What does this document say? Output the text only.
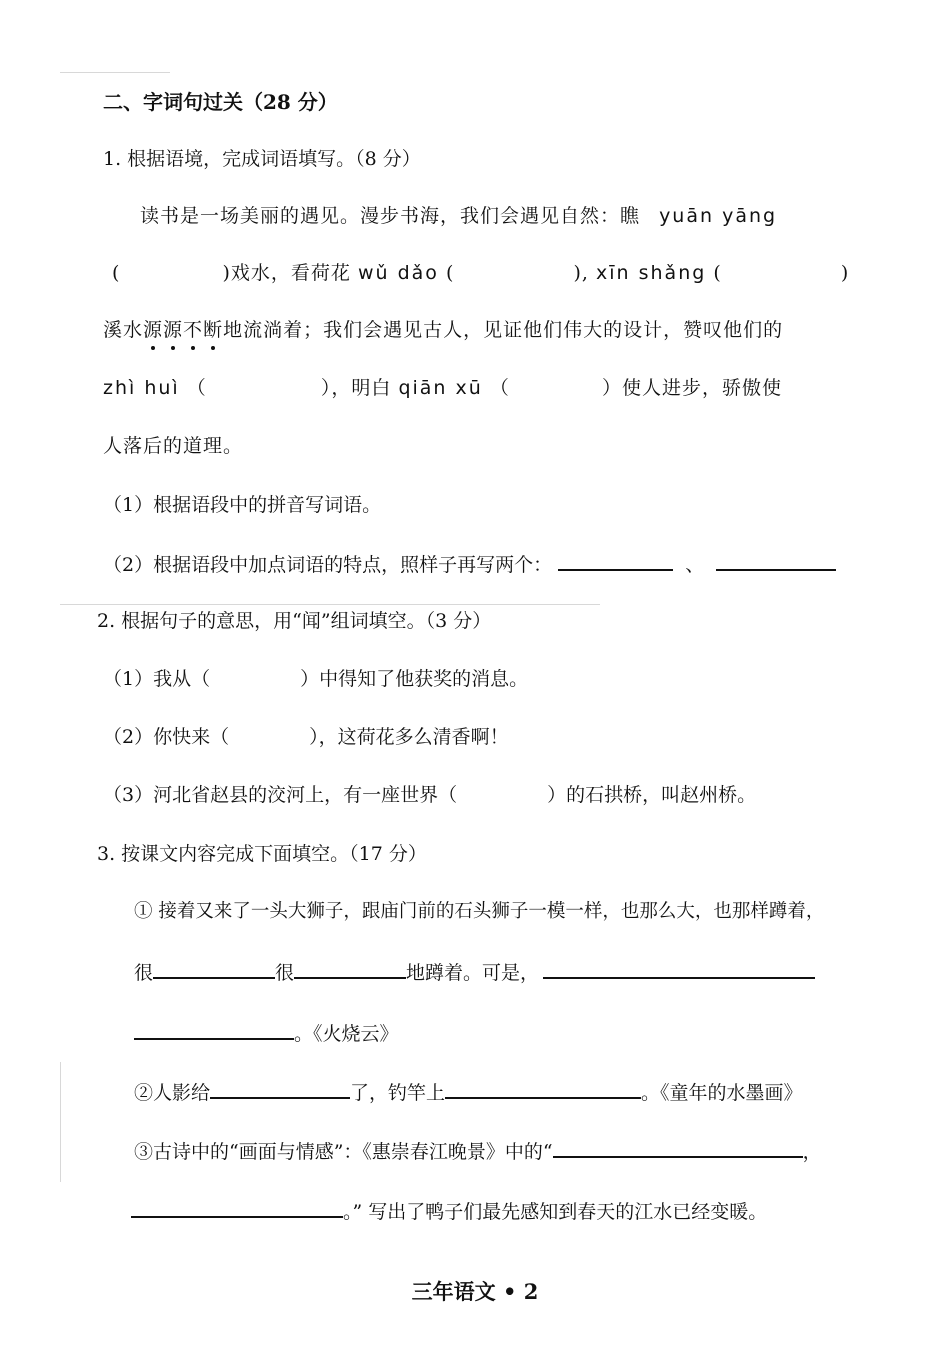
二、字词句过关（28 分）
1. 根据语境，完成词语填写。（8 分）
读书是一场美丽的遇见。漫步书海，我们会遇见自然：瞧 yuān yāng
(	)戏水，看荷花 wǔ dǎo (	), xīn shǎng (	)
溪水源源不断地流淌着；我们会遇见古人，见证他们伟大的设计，赞叹他们的
zhì huì （	），明白 qiān xū （	）使人进步，骄傲使
人落后的道理。
（1）根据语段中的拼音写词语。
（2）根据语段中加点词语的特点，照样子再写两个：	、
2. 根据句子的意思，用“闻”组词填空。（3 分）
（1）我从（	）中得知了他获奖的消息。
（2）你快来（	），这荷花多么清香啊！
（3）河北省赵县的洨河上，有一座世界（	）的石拱桥，叫赵州桥。
3. 按课文内容完成下面填空。（17 分）
① 接着又来了一头大狮子，跟庙门前的石头狮子一模一样，也那么大，也那样蹲着，
很	很	地蹲着。可是，
。《火烧云》
②人影给	了，钓竿上	。《童年的水墨画》
③古诗中的“画面与情感”：《惠崇春江晚景》中的“	，
。” 写出了鸭子们最先感知到春天的江水已经变暖。
三年语文 • 2
